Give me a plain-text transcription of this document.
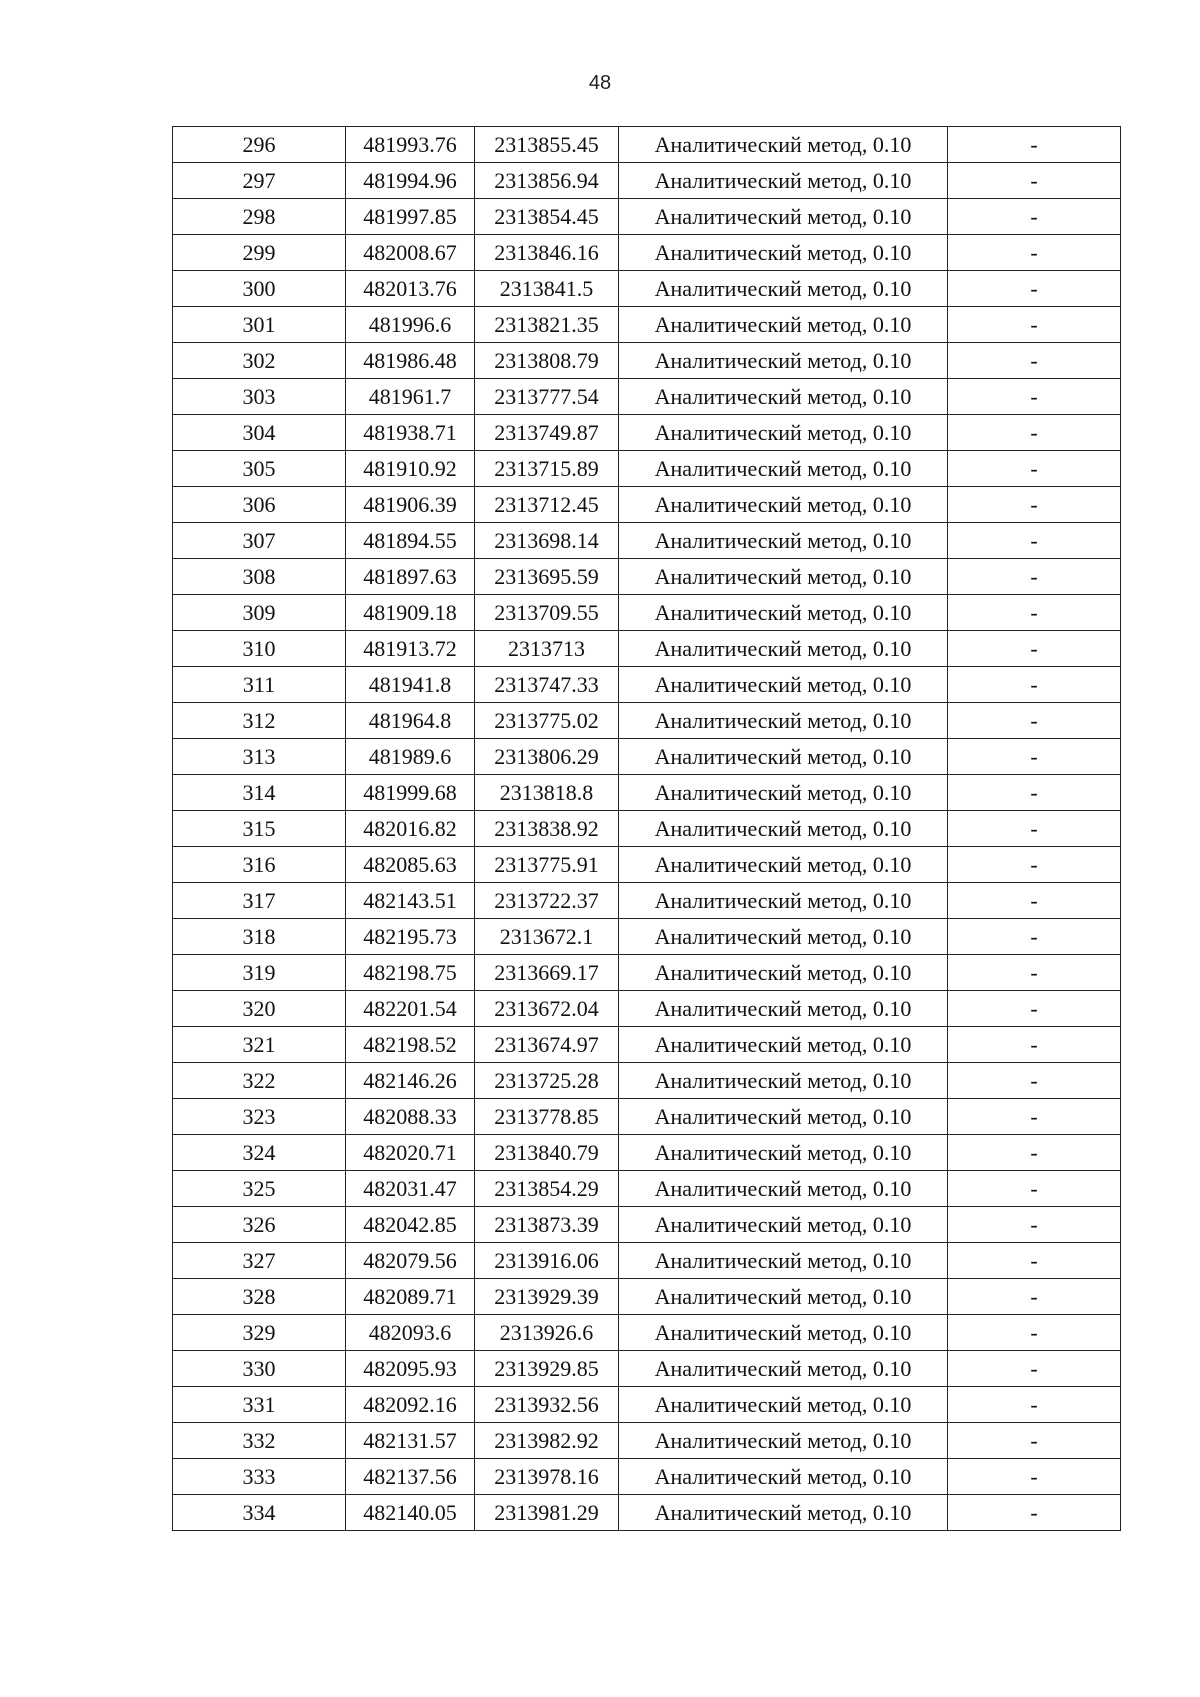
48
296	481993.76	2313855.45	Аналитический метод, 0.10	-
297	481994.96	2313856.94	Аналитический метод, 0.10	-
298	481997.85	2313854.45	Аналитический метод, 0.10	-
299	482008.67	2313846.16	Аналитический метод, 0.10	-
300	482013.76	2313841.5	Аналитический метод, 0.10	-
301	481996.6	2313821.35	Аналитический метод, 0.10	-
302	481986.48	2313808.79	Аналитический метод, 0.10	-
303	481961.7	2313777.54	Аналитический метод, 0.10	-
304	481938.71	2313749.87	Аналитический метод, 0.10	-
305	481910.92	2313715.89	Аналитический метод, 0.10	-
306	481906.39	2313712.45	Аналитический метод, 0.10	-
307	481894.55	2313698.14	Аналитический метод, 0.10	-
308	481897.63	2313695.59	Аналитический метод, 0.10	-
309	481909.18	2313709.55	Аналитический метод, 0.10	-
310	481913.72	2313713	Аналитический метод, 0.10	-
311	481941.8	2313747.33	Аналитический метод, 0.10	-
312	481964.8	2313775.02	Аналитический метод, 0.10	-
313	481989.6	2313806.29	Аналитический метод, 0.10	-
314	481999.68	2313818.8	Аналитический метод, 0.10	-
315	482016.82	2313838.92	Аналитический метод, 0.10	-
316	482085.63	2313775.91	Аналитический метод, 0.10	-
317	482143.51	2313722.37	Аналитический метод, 0.10	-
318	482195.73	2313672.1	Аналитический метод, 0.10	-
319	482198.75	2313669.17	Аналитический метод, 0.10	-
320	482201.54	2313672.04	Аналитический метод, 0.10	-
321	482198.52	2313674.97	Аналитический метод, 0.10	-
322	482146.26	2313725.28	Аналитический метод, 0.10	-
323	482088.33	2313778.85	Аналитический метод, 0.10	-
324	482020.71	2313840.79	Аналитический метод, 0.10	-
325	482031.47	2313854.29	Аналитический метод, 0.10	-
326	482042.85	2313873.39	Аналитический метод, 0.10	-
327	482079.56	2313916.06	Аналитический метод, 0.10	-
328	482089.71	2313929.39	Аналитический метод, 0.10	-
329	482093.6	2313926.6	Аналитический метод, 0.10	-
330	482095.93	2313929.85	Аналитический метод, 0.10	-
331	482092.16	2313932.56	Аналитический метод, 0.10	-
332	482131.57	2313982.92	Аналитический метод, 0.10	-
333	482137.56	2313978.16	Аналитический метод, 0.10	-
334	482140.05	2313981.29	Аналитический метод, 0.10	-
